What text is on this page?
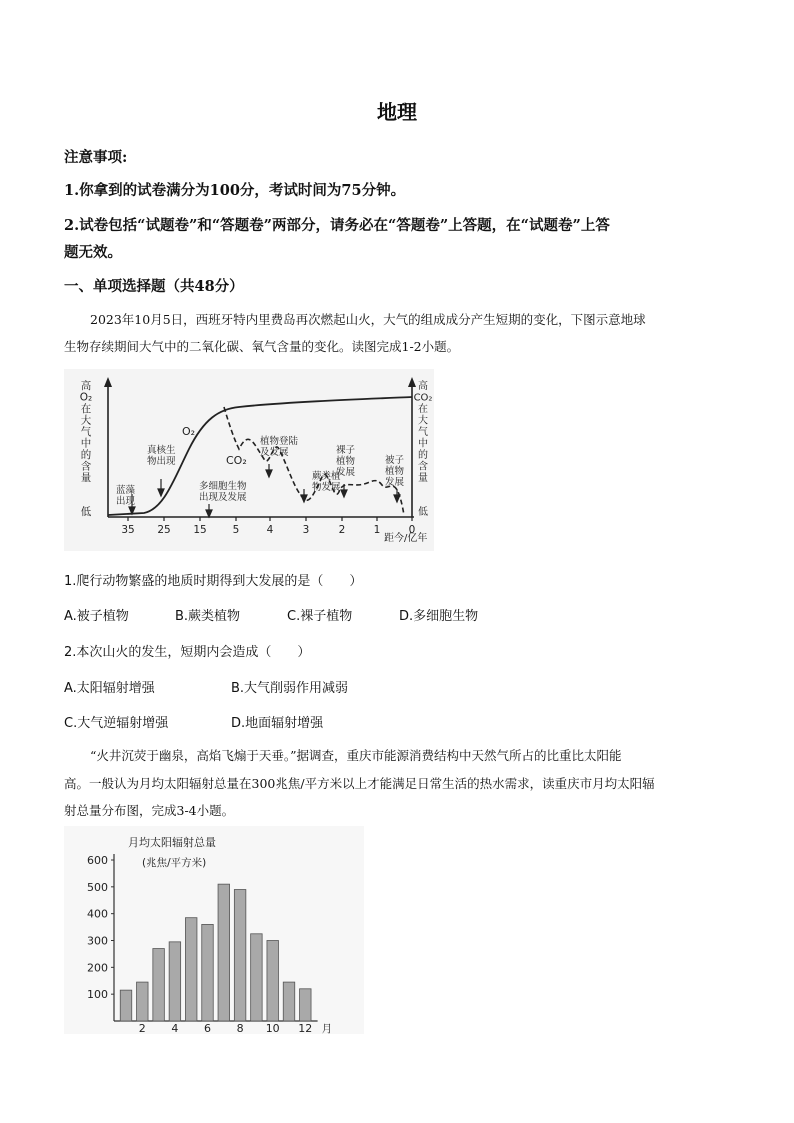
地理
注意事项:
1.你拿到的试卷满分为100分，考试时间为75分钟。
2.试卷包括“试题卷”和“答题卷”两部分，请务必在“答题卷”上答题，在“试题卷”上答
题无效。
一、单项选择题（共48分）
2023年10月5日，西班牙特内里费岛再次燃起山火，大气的组成成分产生短期的变化，下图示意地球
生物存续期间大气中的二氧化碳、氧气含量的变化。读图完成1-2小题。
高
O₂
在
大
气
中
的
含
量
低
高
CO₂
在
大
气
中
的
含
量
低
35 25 15 5	4	3	2	1	0
距今/亿年
O₂
CO₂
蓝藻 出现
真核生 物出现
多细胞生物 出现及发展
植物登陆 及发展
蕨类植 物发展
裸子 植物 发展
被子 植物 发展
1.爬行动物繁盛的地质时期得到大发展的是（　　）
A.被子植物	B.蕨类植物	C.裸子植物	D.多细胞生物
2.本次山火的发生，短期内会造成（　　）
A.太阳辐射增强	B.大气削弱作用减弱
C.大气逆辐射增强	D.地面辐射增强
“火井沉荧于幽泉，高焰飞煽于天垂。”据调查，重庆市能源消费结构中天然气所占的比重比太阳能
高。一般认为月均太阳辐射总量在300兆焦/平方米以上才能满足日常生活的热水需求，读重庆市月均太阳辐
射总量分布图，完成3-4小题。
月均太阳辐射总量
(兆焦/平方米)
100
200
300
400
500
600
2 4 6 8 10 12 月
